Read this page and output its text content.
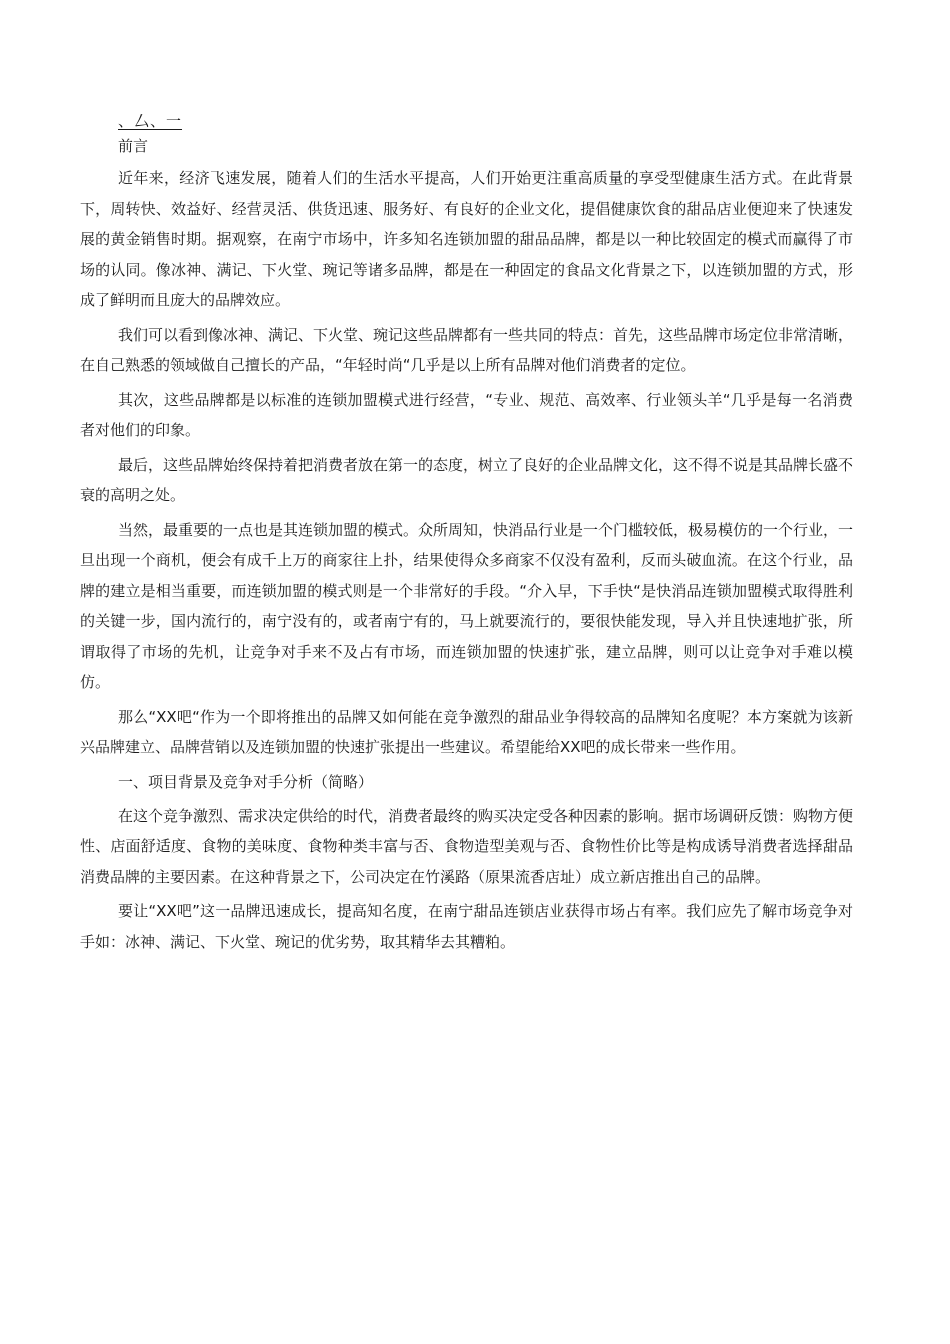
、厶、一
前言

近年来，经济飞速发展，随着人们的生活水平提高，人们开始更注重高质量的享受型健康生活方式。在此背景下，周转快、效益好、经营灵活、供货迅速、服务好、有良好的企业文化，提倡健康饮食的甜品店业便迎来了快速发展的黄金销售时期。据观察，在南宁市场中，许多知名连锁加盟的甜品品牌，都是以一种比较固定的模式而赢得了市场的认同。像冰神、满记、下火堂、琬记等诸多品牌，都是在一种固定的食品文化背景之下，以连锁加盟的方式，形成了鲜明而且庞大的品牌效应。

我们可以看到像冰神、满记、下火堂、琬记这些品牌都有一些共同的特点：首先，这些品牌市场定位非常清晰，在自己熟悉的领域做自己擅长的产品，“年轻时尚“几乎是以上所有品牌对他们消费者的定位。

其次，这些品牌都是以标准的连锁加盟模式进行经营，“专业、规范、高效率、行业领头羊“几乎是每一名消费者对他们的印象。

最后，这些品牌始终保持着把消费者放在第一的态度，树立了良好的企业品牌文化，这不得不说是其品牌长盛不衰的高明之处。

当然，最重要的一点也是其连锁加盟的模式。众所周知，快消品行业是一个门槛较低，极易模仿的一个行业，一旦出现一个商机，便会有成千上万的商家往上扑，结果使得众多商家不仅没有盈利，反而头破血流。在这个行业，品牌的建立是相当重要，而连锁加盟的模式则是一个非常好的手段。“介入早，下手快“是快消品连锁加盟模式取得胜利的关键一步，国内流行的，南宁没有的，或者南宁有的，马上就要流行的，要很快能发现，导入并且快速地扩张，所谓取得了市场的先机，让竞争对手来不及占有市场，而连锁加盟的快速扩张，建立品牌，则可以让竞争对手难以模仿。

那么“XX吧“作为一个即将推出的品牌又如何能在竞争激烈的甜品业争得较高的品牌知名度呢？本方案就为该新兴品牌建立、品牌营销以及连锁加盟的快速扩张提出一些建议。希望能给XX吧的成长带来一些作用。

一、项目背景及竞争对手分析（简略）

在这个竞争激烈、需求决定供给的时代，消费者最终的购买决定受各种因素的影响。据市场调研反馈：购物方便性、店面舒适度、食物的美味度、食物种类丰富与否、食物造型美观与否、食物性价比等是构成诱导消费者选择甜品消费品牌的主要因素。在这种背景之下，公司决定在竹溪路（原果流香店址）成立新店推出自己的品牌。

要让“XX吧”这一品牌迅速成长，提高知名度，在南宁甜品连锁店业获得市场占有率。我们应先了解市场竞争对手如：冰神、满记、下火堂、琬记的优劣势，取其精华去其糟粕。
